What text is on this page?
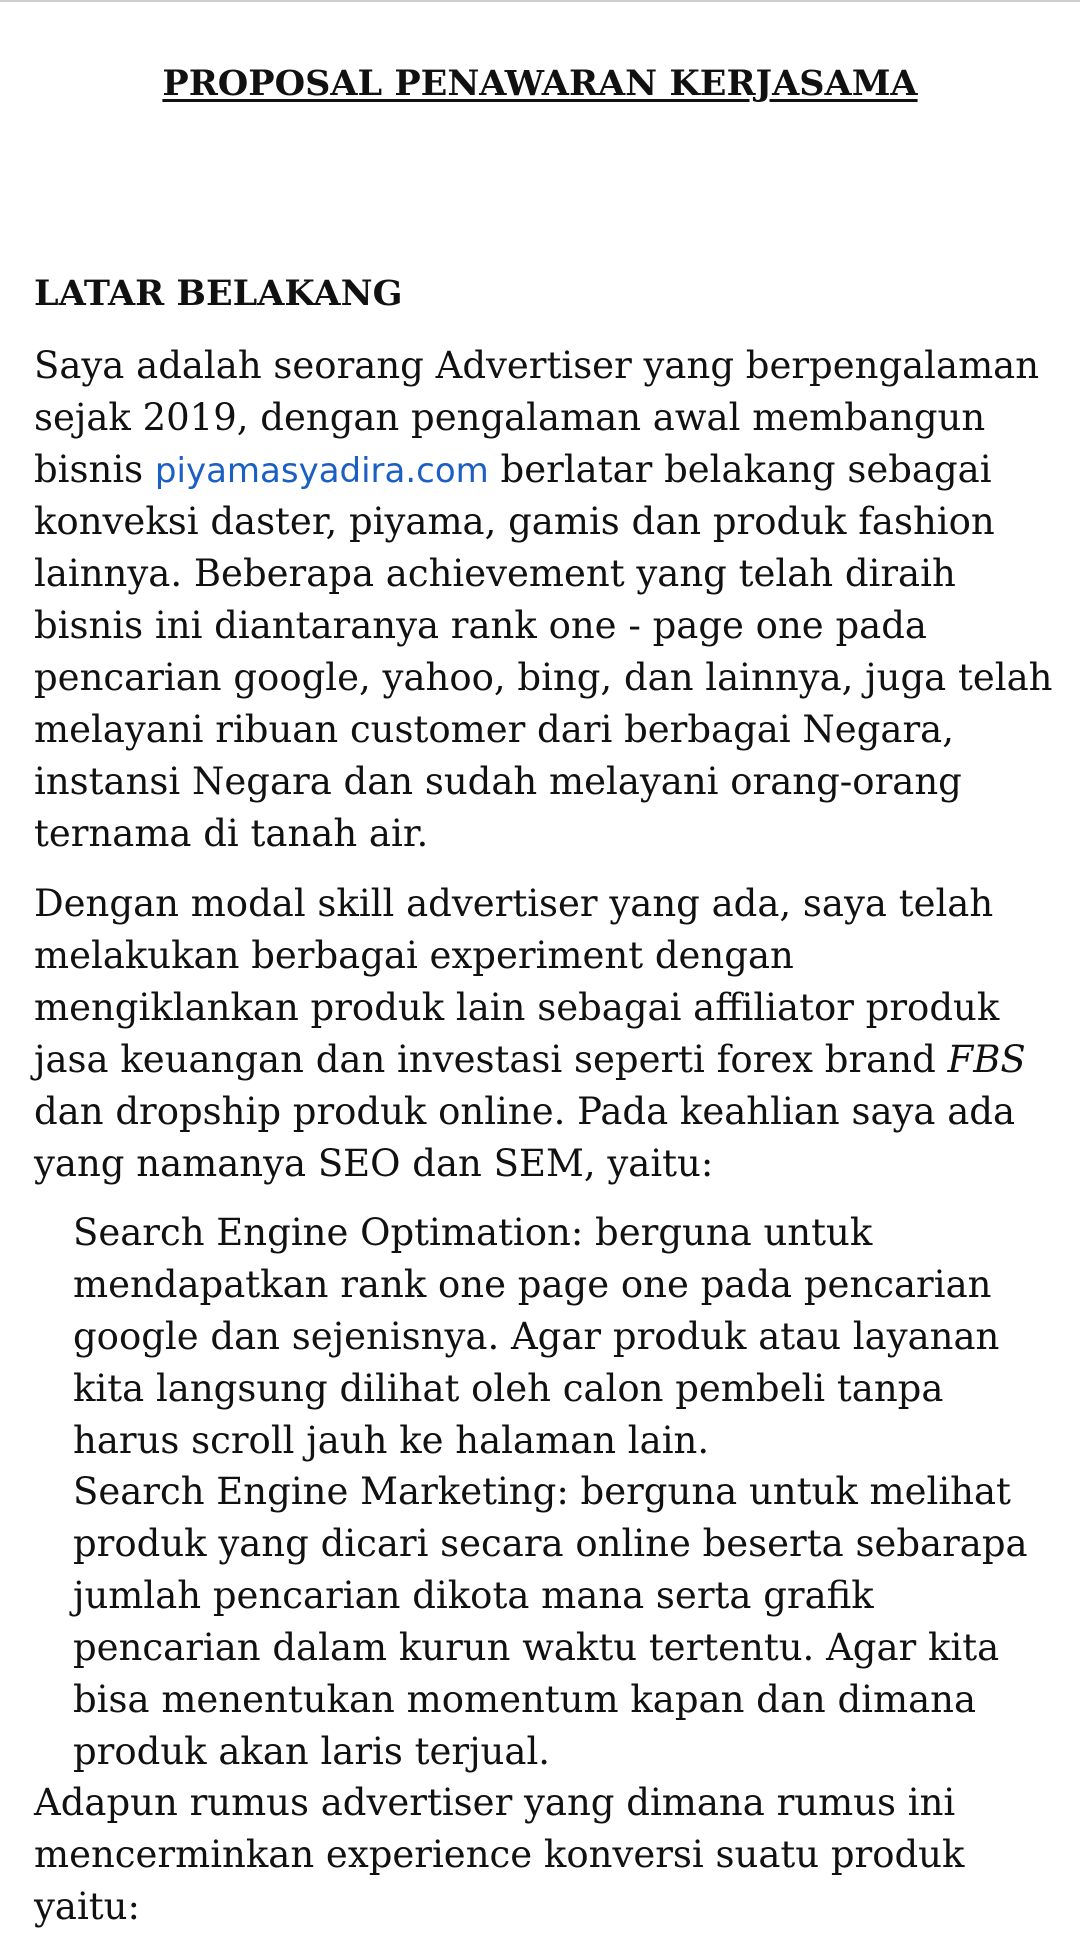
PROPOSAL PENAWARAN KERJASAMA
LATAR BELAKANG
Saya adalah seorang Advertiser yang berpengalaman
sejak 2019, dengan pengalaman awal membangun
bisnis piyamasyadira.com berlatar belakang sebagai
konveksi daster, piyama, gamis dan produk fashion
lainnya. Beberapa achievement yang telah diraih
bisnis ini diantaranya rank one - page one pada
pencarian google, yahoo, bing, dan lainnya, juga telah
melayani ribuan customer dari berbagai Negara,
instansi Negara dan sudah melayani orang-orang
ternama di tanah air.
Dengan modal skill advertiser yang ada, saya telah
melakukan berbagai experiment dengan
mengiklankan produk lain sebagai affiliator produk
jasa keuangan dan investasi seperti forex brand FBS
dan dropship produk online. Pada keahlian saya ada
yang namanya SEO dan SEM, yaitu:
Search Engine Optimation: berguna untuk
mendapatkan rank one page one pada pencarian
google dan sejenisnya. Agar produk atau layanan
kita langsung dilihat oleh calon pembeli tanpa
harus scroll jauh ke halaman lain.
Search Engine Marketing: berguna untuk melihat
produk yang dicari secara online beserta sebarapa
jumlah pencarian dikota mana serta grafik
pencarian dalam kurun waktu tertentu. Agar kita
bisa menentukan momentum kapan dan dimana
produk akan laris terjual.
Adapun rumus advertiser yang dimana rumus ini
mencerminkan experience konversi suatu produk
yaitu:
